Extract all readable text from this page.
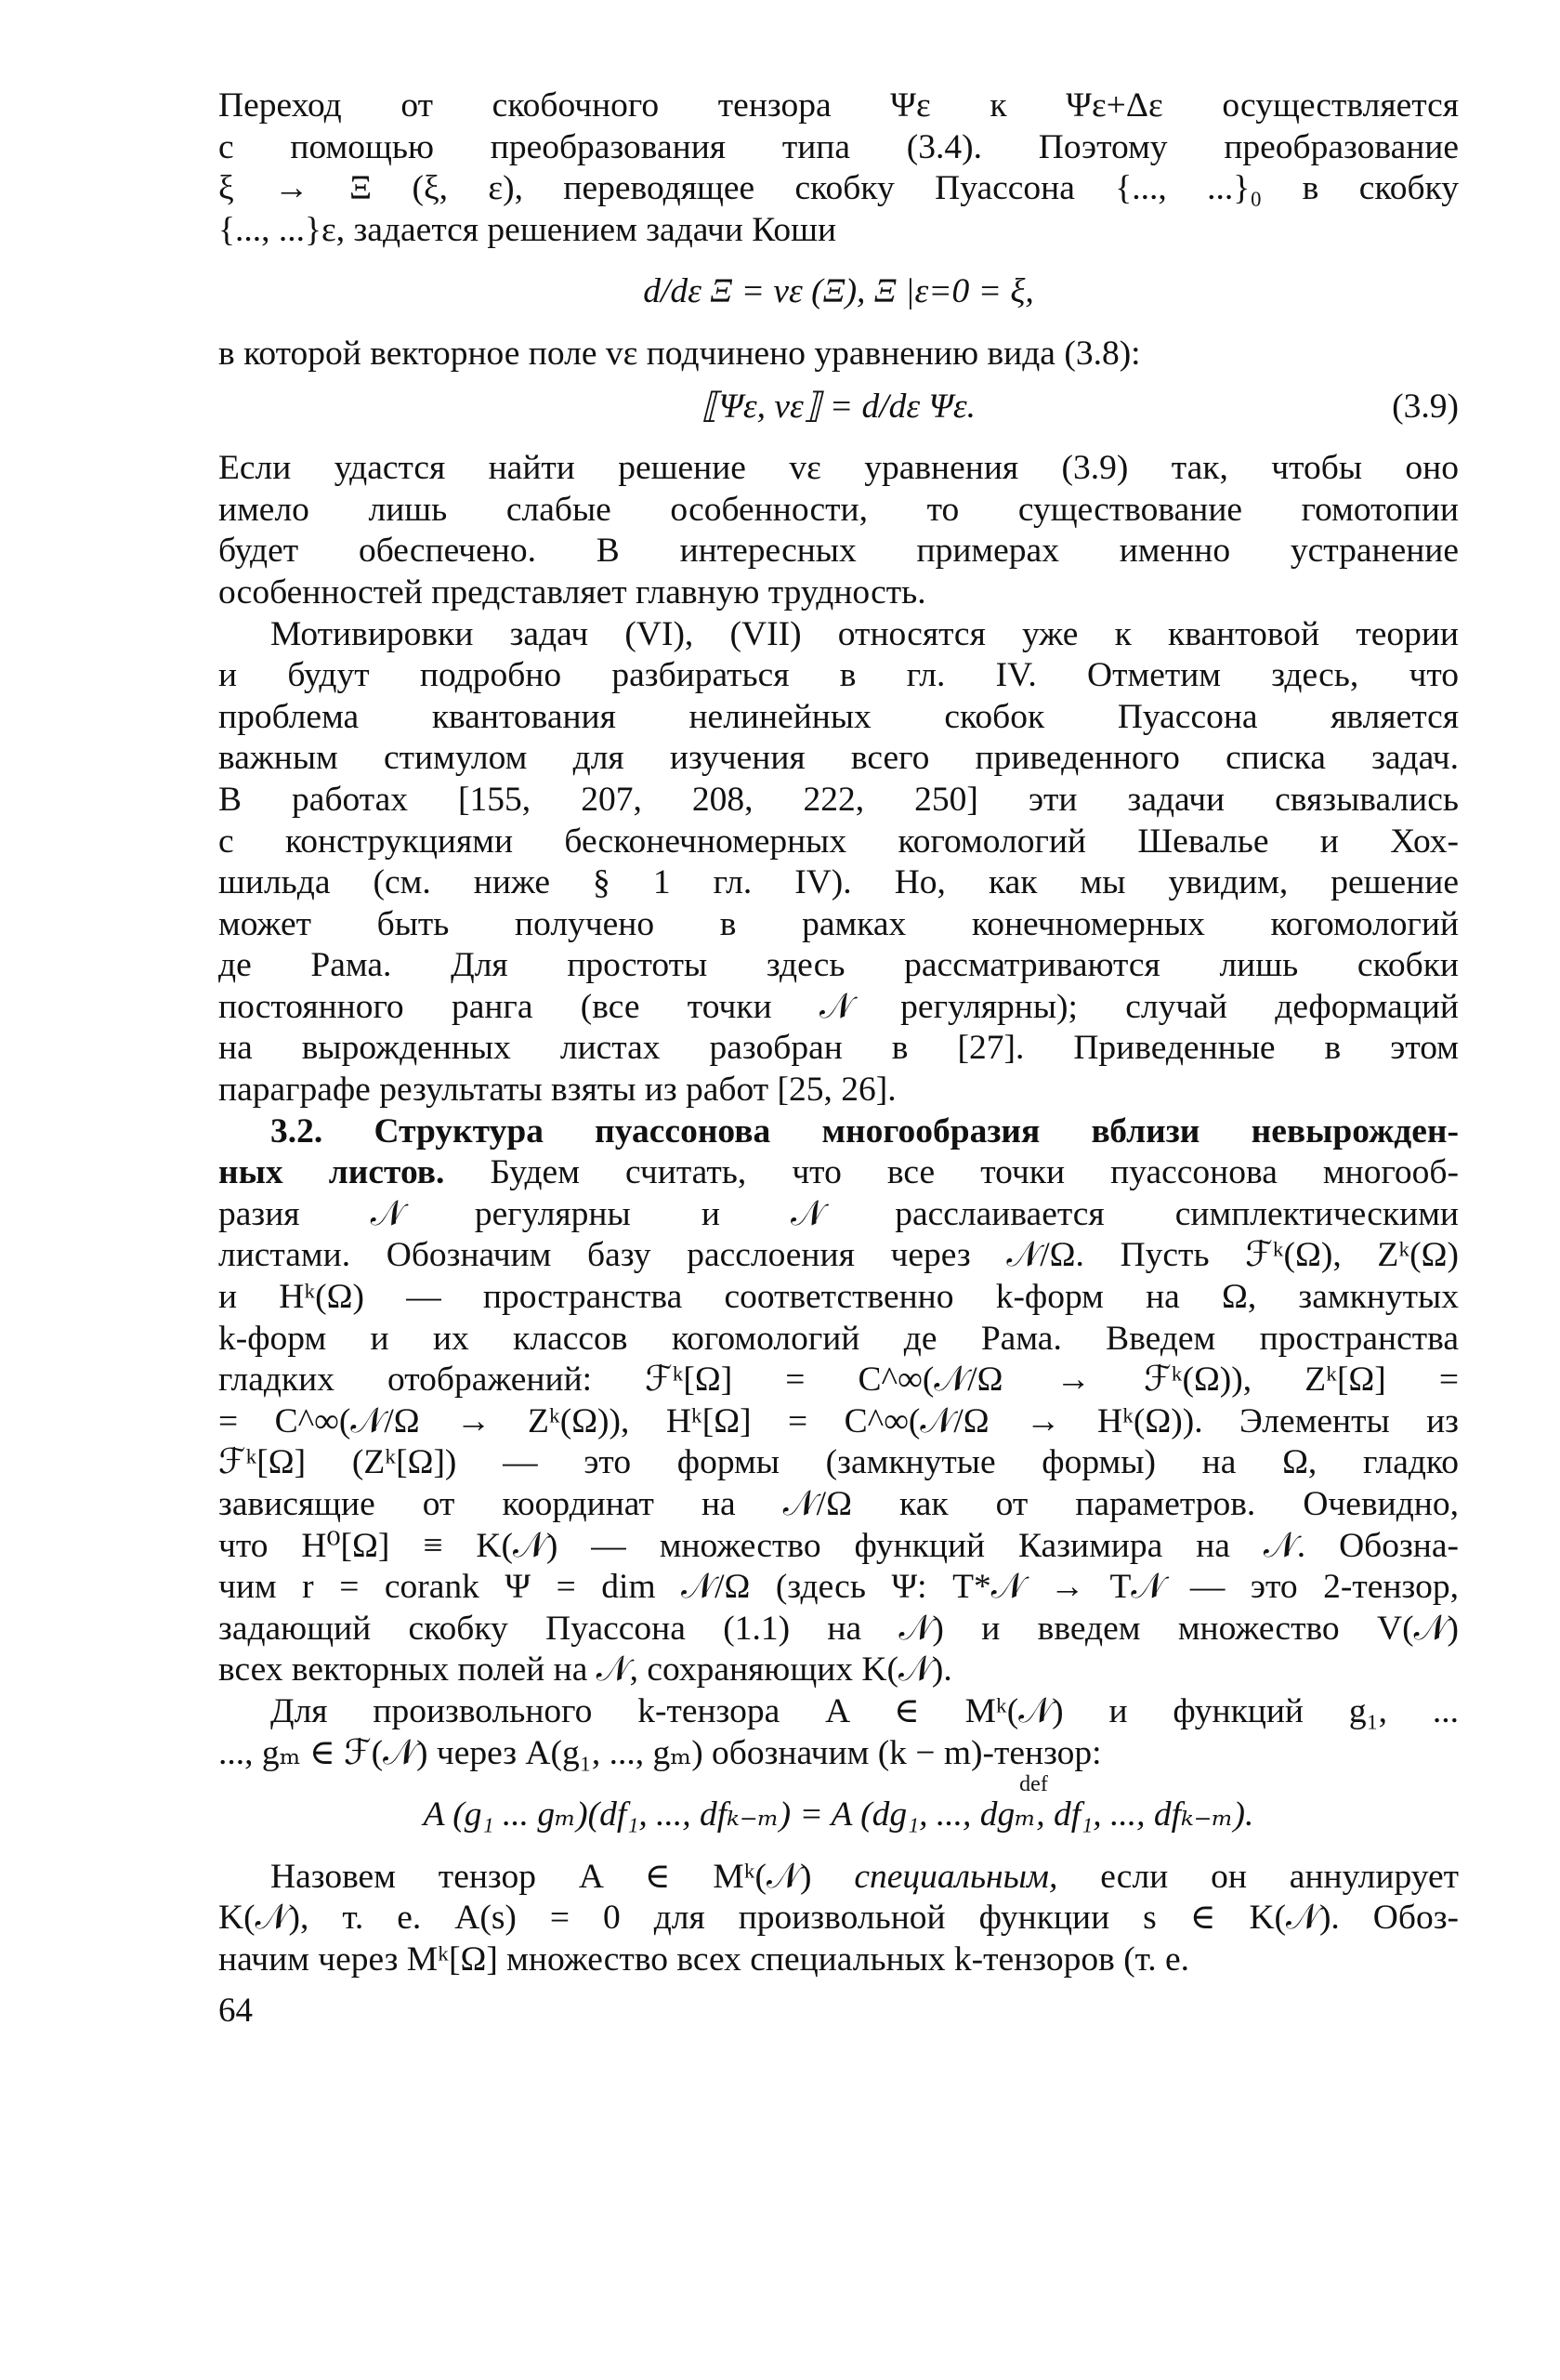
Переход от скобочного тензора Ψε к Ψε+Δε осуществляется

с помощью преобразования типа (3.4). Поэтому преобразование

ξ → Ξ (ξ, ε), переводящее скобку Пуассона {..., ...}₀ в скобку

{..., ...}ε, задается решением задачи Коши

d/dε Ξ = vε (Ξ), Ξ |ε=0 = ξ,

в которой векторное поле vε подчинено уравнению вида (3.8):

⟦Ψε, vε⟧ = d/dε Ψε.	(3.9)

Если удастся найти решение vε уравнения (3.9) так, чтобы оно

имело лишь слабые особенности, то существование гомотопии

будет обеспечено. В интересных примерах именно устранение

особенностей представляет главную трудность.

Мотивировки задач (VI), (VII) относятся уже к квантовой теории

и будут подробно разбираться в гл. IV. Отметим здесь, что

проблема квантования нелинейных скобок Пуассона является

важным стимулом для изучения всего приведенного списка задач.

В работах [155, 207, 208, 222, 250] эти задачи связывались

с конструкциями бесконечномерных когомологий Шевалье и Хох-

шильда (см. ниже § 1 гл. IV). Но, как мы увидим, решение

может быть получено в рамках конечномерных когомологий

де Рама. Для простоты здесь рассматриваются лишь скобки

постоянного ранга (все точки 𝒩 регулярны); случай деформаций

на вырожденных листах разобран в [27]. Приведенные в этом

параграфе результаты взяты из работ [25, 26].

3.2. Структура пуассонова многообразия вблизи невырожден-

ных листов. Будем считать, что все точки пуассонова многооб-

разия 𝒩 регулярны и 𝒩 расслаивается симплектическими

листами. Обозначим базу расслоения через 𝒩/Ω. Пусть ℱᵏ(Ω), Zᵏ(Ω)

и Hᵏ(Ω) — пространства соответственно k-форм на Ω, замкнутых

k-форм и их классов когомологий де Рама. Введем пространства

гладких отображений: ℱᵏ[Ω] = C^∞(𝒩/Ω → ℱᵏ(Ω)), Zᵏ[Ω] =

= C^∞(𝒩/Ω → Zᵏ(Ω)), Hᵏ[Ω] = C^∞(𝒩/Ω → Hᵏ(Ω)). Элементы из

ℱᵏ[Ω] (Zᵏ[Ω]) — это формы (замкнутые формы) на Ω, гладко

зависящие от координат на 𝒩/Ω как от параметров. Очевидно,

что H⁰[Ω] ≡ K(𝒩) — множество функций Казимира на 𝒩. Обозна-

чим r = corank Ψ = dim 𝒩/Ω (здесь Ψ: T*𝒩 → T𝒩 — это 2-тензор,

задающий скобку Пуассона (1.1) на 𝒩) и введем множество V(𝒩)

всех векторных полей на 𝒩, сохраняющих K(𝒩).

Для произвольного k-тензора A ∈ Mᵏ(𝒩) и функций g₁, ...

..., gₘ ∈ ℱ(𝒩) через A(g₁, ..., gₘ) обозначим (k − m)-тензор:

def

A (g₁ ... gₘ)(df₁, ..., dfₖ₋ₘ) = A (dg₁, ..., dgₘ, df₁, ..., dfₖ₋ₘ).

Назовем тензор A ∈ Mᵏ(𝒩) специальным, если он аннулирует

K(𝒩), т. е. A(s) = 0 для произвольной функции s ∈ K(𝒩). Обоз-

начим через Mᵏ[Ω] множество всех специальных k-тензоров (т. е.

64
